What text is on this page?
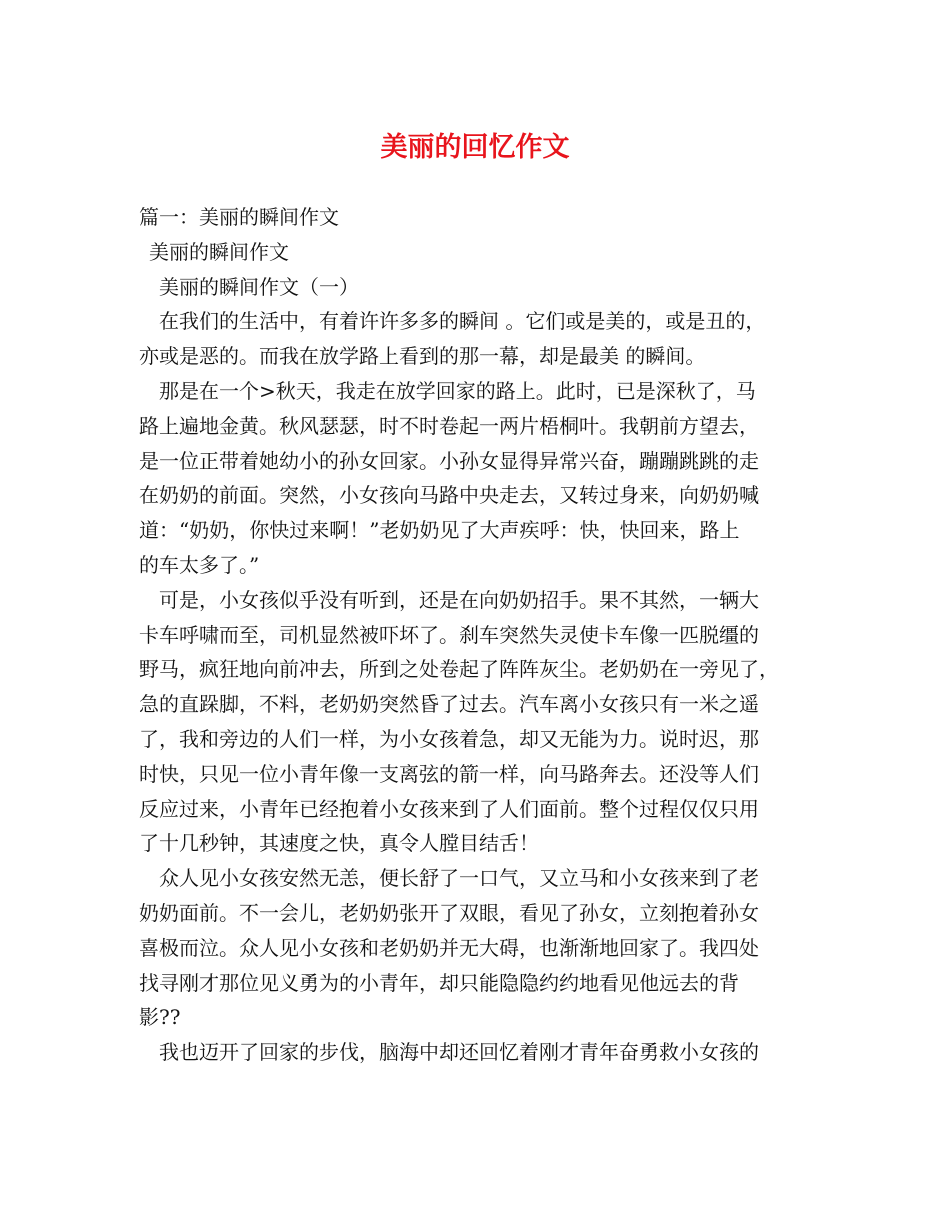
美丽的回忆作文

篇一：美丽的瞬间作文

美丽的瞬间作文

美丽的瞬间作文（一）

在我们的生活中，有着许许多多的瞬间 。它们或是美的，或是丑的，

亦或是恶的。而我在放学路上看到的那一幕，却是最美 的瞬间。

那是在一个>秋天，我走在放学回家的路上。此时，已是深秋了，马

路上遍地金黄。秋风瑟瑟，时不时卷起一两片梧桐叶。我朝前方望去，

是一位正带着她幼小的孙女回家。小孙女显得异常兴奋，蹦蹦跳跳的走

在奶奶的前面。突然，小女孩向马路中央走去，又转过身来，向奶奶喊

道：“奶奶，你快过来啊！”老奶奶见了大声疾呼：快，快回来，路上

的车太多了。”

可是，小女孩似乎没有听到，还是在向奶奶招手。果不其然，一辆大

卡车呼啸而至，司机显然被吓坏了。刹车突然失灵使卡车像一匹脱缰的

野马，疯狂地向前冲去，所到之处卷起了阵阵灰尘。老奶奶在一旁见了，

急的直跺脚，不料，老奶奶突然昏了过去。汽车离小女孩只有一米之遥

了，我和旁边的人们一样，为小女孩着急，却又无能为力。说时迟，那

时快，只见一位小青年像一支离弦的箭一样，向马路奔去。还没等人们

反应过来，小青年已经抱着小女孩来到了人们面前。整个过程仅仅只用

了十几秒钟，其速度之快，真令人膛目结舌！

众人见小女孩安然无恙，便长舒了一口气，又立马和小女孩来到了老

奶奶面前。不一会儿，老奶奶张开了双眼，看见了孙女，立刻抱着孙女

喜极而泣。众人见小女孩和老奶奶并无大碍，也渐渐地回家了。我四处

找寻刚才那位见义勇为的小青年，却只能隐隐约约地看见他远去的背

影??

我也迈开了回家的步伐，脑海中却还回忆着刚才青年奋勇救小女孩的
